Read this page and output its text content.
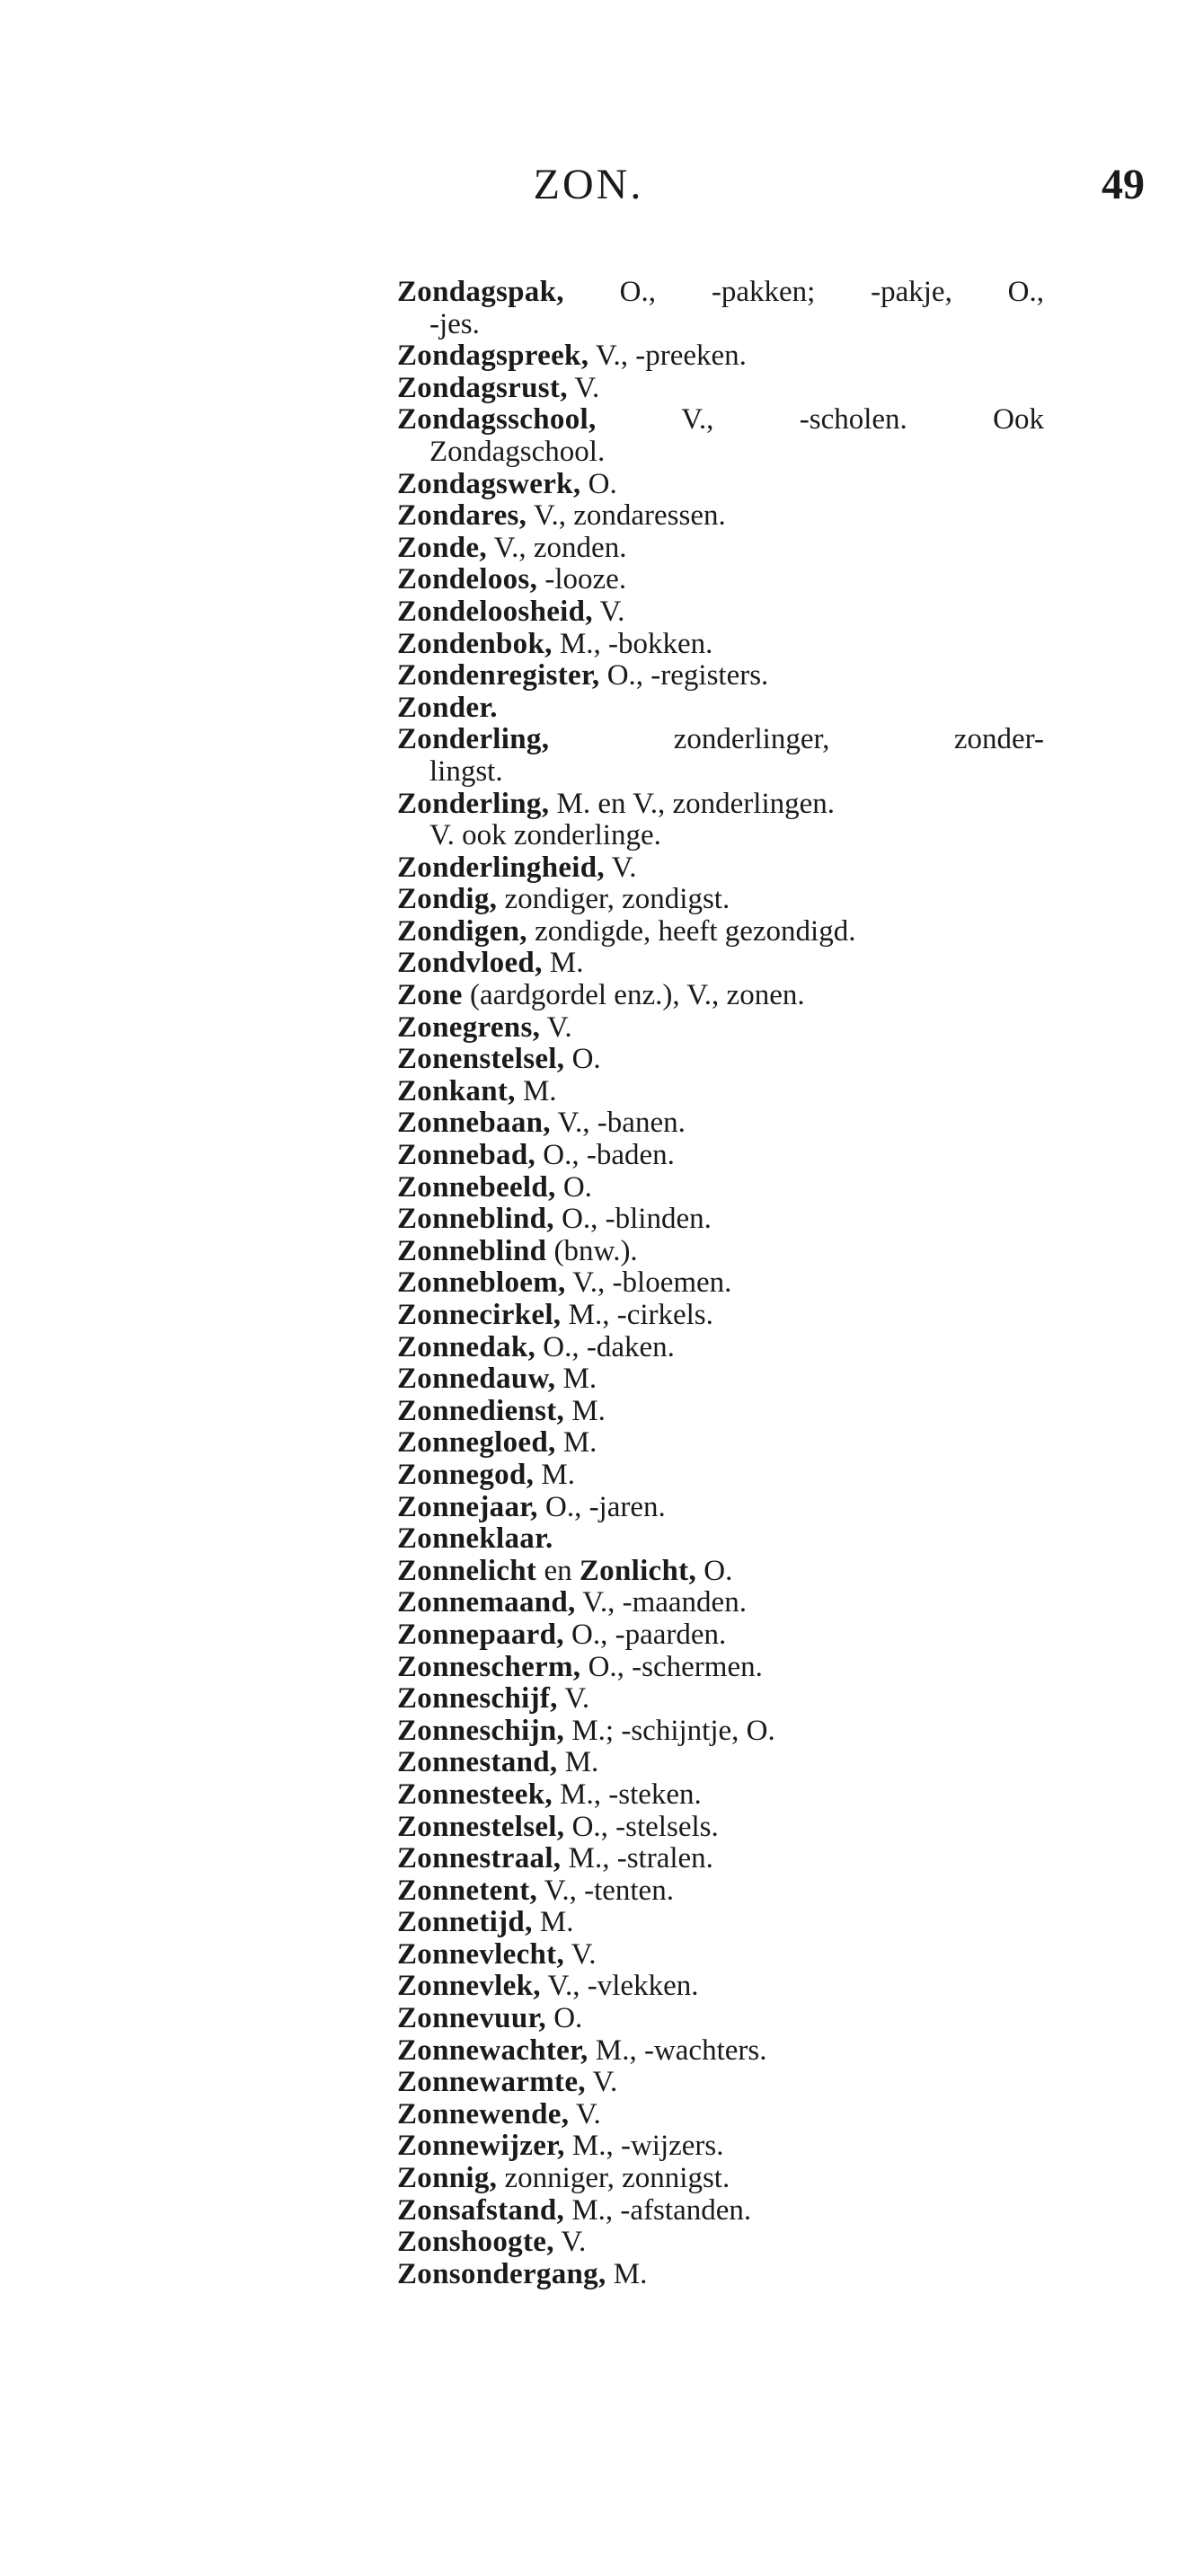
ZON.	49

Zondagspak, O., -pakken; -pakje, O.,

-jes.

Zondagspreek, V., -preeken.

Zondagsrust, V.

Zondagsschool, V., -scholen. Ook

Zondagschool.

Zondagswerk, O.

Zondares, V., zondaressen.

Zonde, V., zonden.

Zondeloos, -looze.

Zondeloosheid, V.

Zondenbok, M., -bokken.

Zondenregister, O., -registers.

Zonder.

Zonderling, zonderlinger, zonder-

lingst.

Zonderling, M. en V., zonderlingen.

V. ook zonderlinge.

Zonderlingheid, V.

Zondig, zondiger, zondigst.

Zondigen, zondigde, heeft gezondigd.

Zondvloed, M.

Zone (aardgordel enz.), V., zonen.

Zonegrens, V.

Zonenstelsel, O.

Zonkant, M.

Zonnebaan, V., -banen.

Zonnebad, O., -baden.

Zonnebeeld, O.

Zonneblind, O., -blinden.

Zonneblind (bnw.).

Zonnebloem, V., -bloemen.

Zonnecirkel, M., -cirkels.

Zonnedak, O., -daken.

Zonnedauw, M.

Zonnedienst, M.

Zonnegloed, M.

Zonnegod, M.

Zonnejaar, O., -jaren.

Zonneklaar.

Zonnelicht en Zonlicht, O.

Zonnemaand, V., -maanden.

Zonnepaard, O., -paarden.

Zonnescherm, O., -schermen.

Zonneschijf, V.

Zonneschijn, M.; -schijntje, O.

Zonnestand, M.

Zonnesteek, M., -steken.

Zonnestelsel, O., -stelsels.

Zonnestraal, M., -stralen.

Zonnetent, V., -tenten.

Zonnetijd, M.

Zonnevlecht, V.

Zonnevlek, V., -vlekken.

Zonnevuur, O.

Zonnewachter, M., -wachters.

Zonnewarmte, V.

Zonnewende, V.

Zonnewijzer, M., -wijzers.

Zonnig, zonniger, zonnigst.

Zonsafstand, M., -afstanden.

Zonshoogte, V.

Zonsondergang, M.
